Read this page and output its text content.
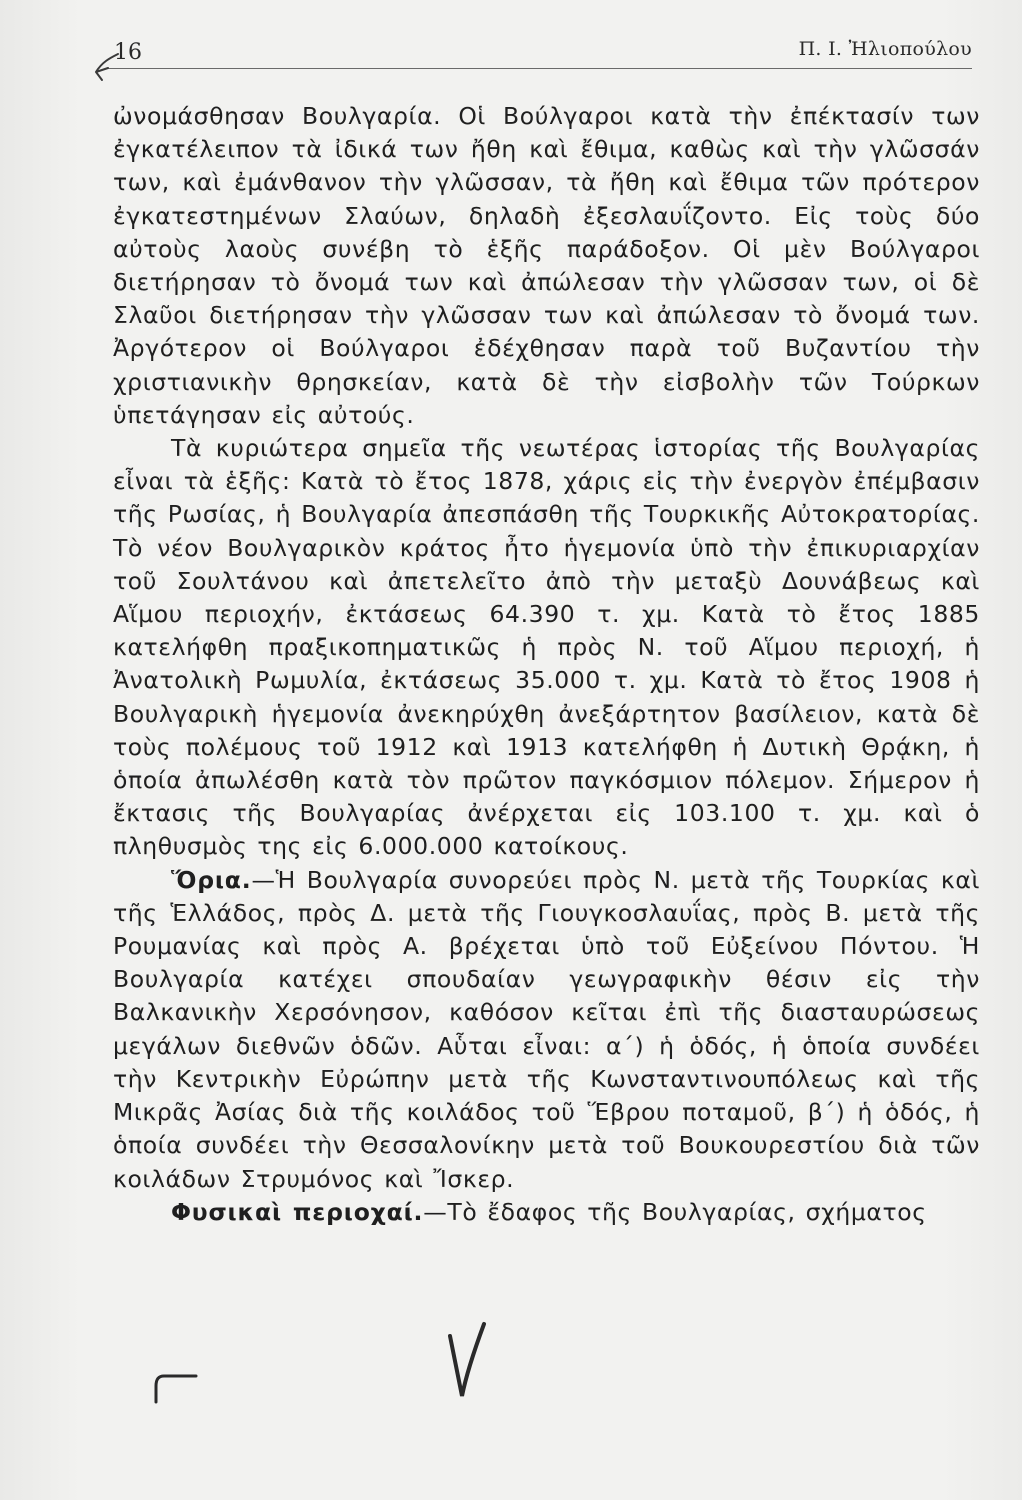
16	Π. Ι. Ἠλιοπούλου

ὠνομάσθησαν Βουλγαρία. Οἱ Βούλγαροι κατὰ τὴν ἐπέκτασίν των ἐγκατέλειπον τὰ ἰδικά των ἤθη καὶ ἔθιμα, καθὼς καὶ τὴν γλῶσσάν των, καὶ ἐμάνθανον τὴν γλῶσσαν, τὰ ἤθη καὶ ἔθιμα τῶν πρότερον ἐγκατεστημένων Σλαύων, δηλαδὴ ἐξεσλαυΐζοντο. Εἰς τοὺς δύο αὐτοὺς λαοὺς συνέβη τὸ ἑξῆς παράδοξον. Οἱ μὲν Βούλγαροι διετήρησαν τὸ ὄνομά των καὶ ἀπώλεσαν τὴν γλῶσσαν των, οἱ δὲ Σλαῦοι διετήρησαν τὴν γλῶσσαν των καὶ ἀπώλεσαν τὸ ὄνομά των. Ἀργότερον οἱ Βούλγαροι ἐδέχθησαν παρὰ τοῦ Βυζαντίου τὴν χριστιανικὴν θρησκείαν, κατὰ δὲ τὴν εἰσβολὴν τῶν Τούρκων ὑπετάγησαν εἰς αὐτούς.

Τὰ κυριώτερα σημεῖα τῆς νεωτέρας ἱστορίας τῆς Βουλγαρίας εἶναι τὰ ἑξῆς: Κατὰ τὸ ἔτος 1878, χάρις εἰς τὴν ἐνεργὸν ἐπέμβασιν τῆς Ρωσίας, ἡ Βουλγαρία ἀπεσπάσθη τῆς Τουρκικῆς Αὐτοκρατορίας. Τὸ νέον Βουλγαρικὸν κράτος ἦτο ἡγεμονία ὑπὸ τὴν ἐπικυριαρχίαν τοῦ Σουλτάνου καὶ ἀπετελεῖτο ἀπὸ τὴν μεταξὺ Δουνάβεως καὶ Αἵμου περιοχήν, ἐκτάσεως 64.390 τ. χμ. Κατὰ τὸ ἔτος 1885 κατελήφθη πραξικοπηματικῶς ἡ πρὸς Ν. τοῦ Αἵμου περιοχή, ἡ Ἀνατολικὴ Ρωμυλία, ἐκτάσεως 35.000 τ. χμ. Κατὰ τὸ ἔτος 1908 ἡ Βουλγαρικὴ ἡγεμονία ἀνεκηρύχθη ἀνεξάρτητον βασίλειον, κατὰ δὲ τοὺς πολέμους τοῦ 1912 καὶ 1913 κατελήφθη ἡ Δυτικὴ Θρᾴκη, ἡ ὁποία ἀπωλέσθη κατὰ τὸν πρῶτον παγκόσμιον πόλεμον. Σήμερον ἡ ἔκτασις τῆς Βουλγαρίας ἀνέρχεται εἰς 103.100 τ. χμ. καὶ ὁ πληθυσμὸς της εἰς 6.000.000 κατοίκους.

Ὅρια.—Ἡ Βουλγαρία συνορεύει πρὸς Ν. μετὰ τῆς Τουρκίας καὶ τῆς Ἑλλάδος, πρὸς Δ. μετὰ τῆς Γιουγκοσλαυΐας, πρὸς Β. μετὰ τῆς Ρουμανίας καὶ πρὸς Α. βρέχεται ὑπὸ τοῦ Εὐξείνου Πόντου. Ἡ Βουλγαρία κατέχει σπουδαίαν γεωγραφικὴν θέσιν εἰς τὴν Βαλκανικὴν Χερσόνησον, καθόσον κεῖται ἐπὶ τῆς διασταυρώσεως μεγάλων διεθνῶν ὁδῶν. Αὗται εἶναι: α΄) ἡ ὁδός, ἡ ὁποία συνδέει τὴν Κεντρικὴν Εὐρώπην μετὰ τῆς Κωνσταντινουπόλεως καὶ τῆς Μικρᾶς Ἀσίας διὰ τῆς κοιλάδος τοῦ Ἕβρου ποταμοῦ, β΄) ἡ ὁδός, ἡ ὁποία συνδέει τὴν Θεσσαλονίκην μετὰ τοῦ Βουκουρεστίου διὰ τῶν κοιλάδων Στρυμόνος καὶ Ἴσκερ.

Φυσικαὶ περιοχαί.—Τὸ ἔδαφος τῆς Βουλγαρίας, σχήματος
